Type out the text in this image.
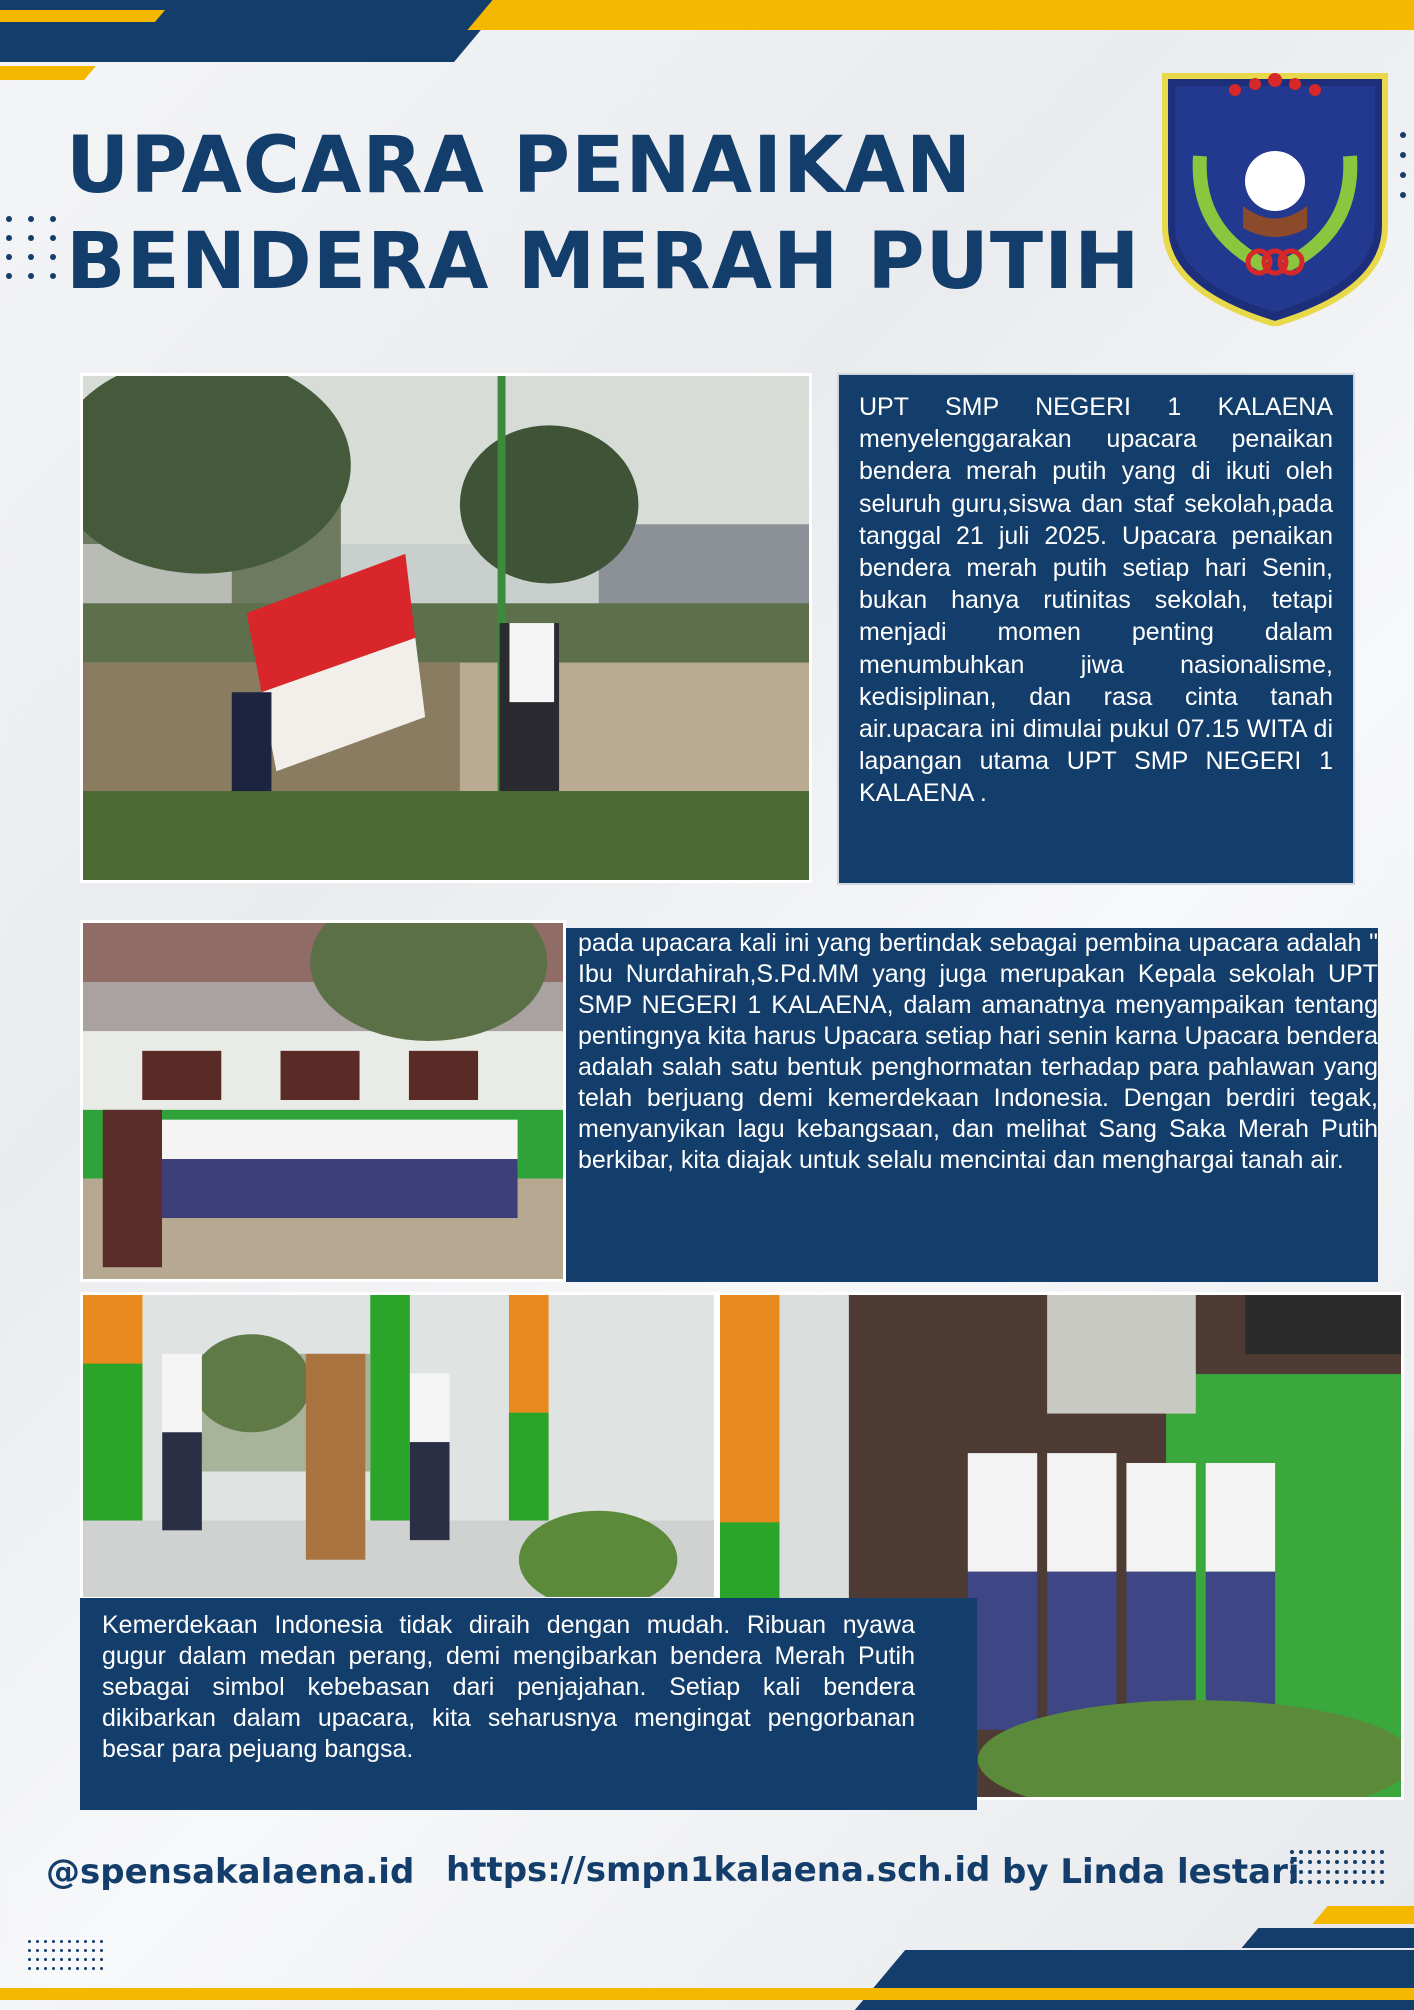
UPACARA PENAIKAN
BENDERA MERAH PUTIH
UPT SMP NEGERI 1 KALAENA menyelenggarakan upacara penaikan bendera merah putih yang di ikuti oleh seluruh guru,siswa dan staf sekolah,pada tanggal 21 juli 2025. Upacara penaikan bendera merah putih setiap hari Senin, bukan hanya rutinitas sekolah, tetapi menjadi momen penting dalam menumbuhkan jiwa nasionalisme, kedisiplinan, dan rasa cinta tanah air.upacara ini dimulai pukul 07.15 WITA di lapangan utama UPT SMP NEGERI 1 KALAENA .
pada upacara kali ini yang bertindak sebagai pembina upacara adalah " Ibu Nurdahirah,S.Pd.MM yang juga merupakan Kepala sekolah UPT SMP NEGERI 1 KALAENA, dalam amanatnya menyampaikan tentang pentingnya kita harus Upacara setiap hari senin karna Upacara bendera adalah salah satu bentuk penghormatan terhadap para pahlawan yang telah berjuang demi kemerdekaan Indonesia. Dengan berdiri tegak, menyanyikan lagu kebangsaan, dan melihat Sang Saka Merah Putih berkibar, kita diajak untuk selalu mencintai dan menghargai tanah air.
Kemerdekaan Indonesia tidak diraih dengan mudah. Ribuan nyawa gugur dalam medan perang, demi mengibarkan bendera Merah Putih sebagai simbol kebebasan dari penjajahan. Setiap kali bendera dikibarkan dalam upacara, kita seharusnya mengingat pengorbanan besar para pejuang bangsa.
@spensakalaena.id https://smpn1kalaena.sch.id by Linda lestari
